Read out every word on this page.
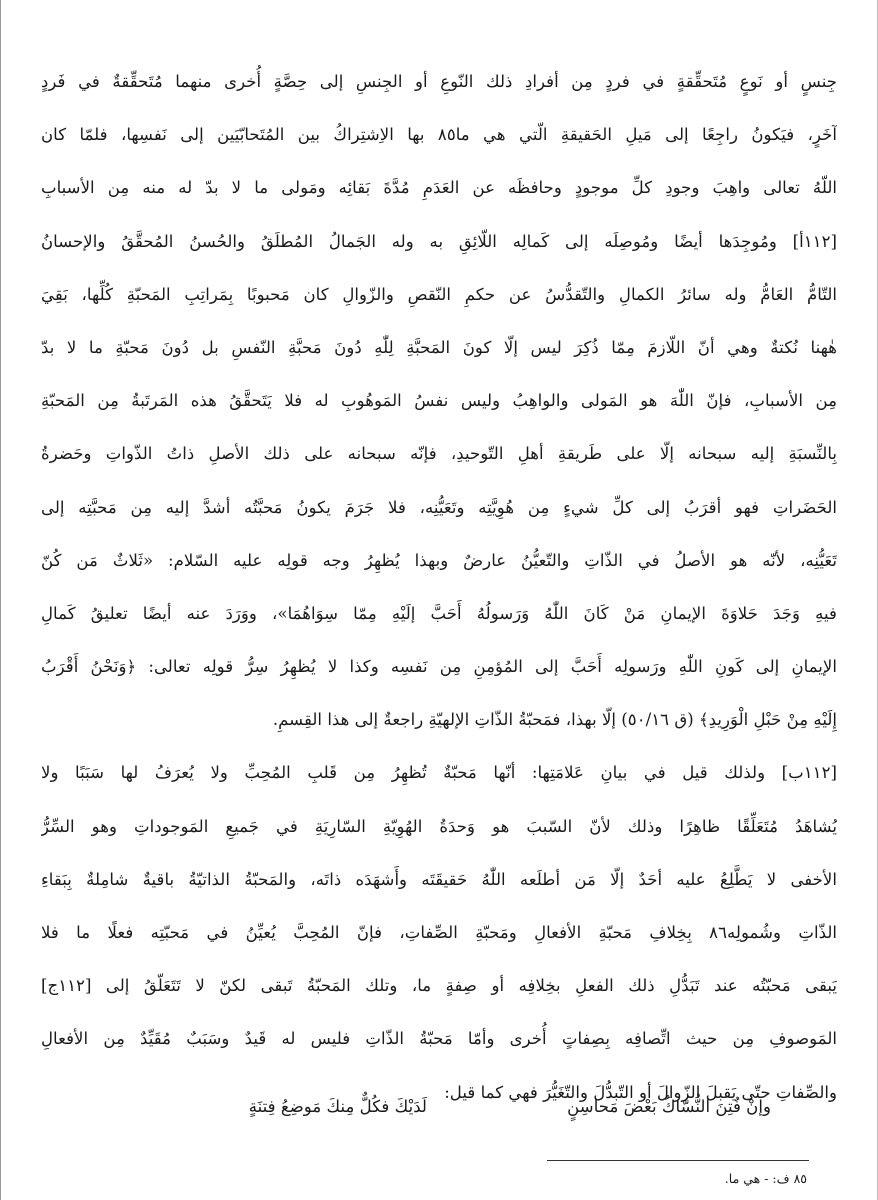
جِنسٍ أو نَوعٍ مُتَحقِّقةٍ في فردٍ مِن أفرادِ ذلك النّوعِ أو الجِنسِ إلى حِصَّةٍ أُخرى منهما مُتَحقِّقةٌ في فَردٍ
آخَرٍ، فيَكونُ راجِعًا إلى مَيلِ الحَقيقةِ الّتي هي ما٨٥ بها الاِشتِراكُ بين المُتَحابّيَين إلى نَفسِها، فلمّا كان
اللّهُ تعالى واهِبَ وجودِ كلِّ موجودٍ وحافظَه عن العَدَمِ مُدَّةَ بَقائِه ومَولى ما لا بدّ له منه مِن الأسبابِ
[١١٢أ] ومُوجِدَها أيضًا ومُوصِلَه إلى كَمالِه اللّائِقِ به وله الجَمالُ المُطلَقُ والحُسنُ المُحقَّقُ والإحسانُ
التّامُّ العَامُّ وله سائرُ الكمالِ والتّقدُّسُ عن حكمِ النّقصِ والزّوالِ كان مَحبوبًا بِمَراتِبِ المَحبّةِ كُلِّها، بَقِيَ
هٰهنا نُكتةٌ وهي أنّ اللّازمَ مِمّا ذُكِرَ ليس إلّا كونَ المَحبَّةِ لِلّٰهِ دُونَ مَحبَّةِ النّفسِ بل دُونَ مَحبّةِ ما لا بدّ
مِن الأسبابِ، فإنّ اللّٰهَ هو المَولى والواهِبُ وليس نفسُ المَوهُوبِ له فلا يَتَحقَّقُ هذه المَرتَبةُ مِن المَحبّةِ
بِالنِّسبَةِ إليه سبحانه إلّا على طَريقةِ أهلِ التّوحيدِ، فإنّه سبحانه على ذلك الأصلِ ذاتُ الذّواتِ وحَضرةُ
الحَضَراتِ فهو أقرَبُ إلى كلِّ شيءٍ مِن هُوِيَّتِه وتَعَيُّنِه، فلا جَرَمَ يكونُ مَحبَّتُه أشدَّ إليه مِن مَحبَّتِه إلى
تَعَيُّنِه، لأنّه هو الأصلُ في الذّاتِ والتّعيُّنُ عارضٌ وبهذا يُظهِرُ وجه قولِه عليه السّلام: «ثَلاثٌ مَن كُنّ
فيهِ وَجَدَ حَلاوَةَ الإيمانِ مَنْ كَانَ اللّٰهُ وَرَسولُهُ أَحَبَّ إلَيْهِ مِمّا سِوَاهُمَا»، ووَرَدَ عنه أيضًا تعليقُ كَمالِ
الإيمانِ إلى كَونِ اللّٰهِ ورَسولِه أَحَبَّ إلى المُؤمِنِ مِن نَفسِه وكذا لا يُظهِرُ سِرُّ قولِه تعالى: ﴿وَنَحْنُ أَقْرَبُ
إِلَيْهِ مِنْ حَبْلِ الْوَرِيدِ﴾ (ق ٥٠/١٦) إلّا بهذا، فمَحبّةُ الذّاتِ الإلهيّةِ راجعةٌ إلى هذا القِسمِ.
[١١٢ب] ولذلك قيل في بيانِ عَلامَتِها: أنّها مَحبّةٌ تُظهِرُ مِن قَلبِ المُحِبِّ ولا يُعرَفُ لها سَبَبًا ولا
يُشاهَدُ مُتَعَلِّقًا ظاهِرًا وذلك لأنّ السّببَ هو وَحدَةُ الهُوِيّةِ السّارِيَةِ في جَميعِ المَوجوداتِ وهو السِّرُّ
الأخفى لا يَطَّلِعُ عليه أحَدٌ إلّا مَن أطلَعه اللّٰهُ حَقيقَتَه وأَشهَدَه ذاتَه، والمَحبّةُ الذاتيّةُ باقيةٌ شامِلةٌ بِبَقاءِ
الذّاتِ وشُمولِه٨٦ بِخِلافِ مَحبّةِ الأفعالِ ومَحبّةِ الصِّفاتِ، فإنّ المُحِبَّ يُعيِّنُ في مَحبّتِه فعلًا ما فلا
يَبقى مَحبّتُه عند تَبَدُّلِ ذلك الفعلِ بخِلافِه أو صِفةٍ ما، وتلك المَحبّةُ تَبقى لكنّ لا تَتَعَلّقُ إلى [١١٢ج]
المَوصوفِ مِن حيث اتِّصافِه بِصِفاتٍ أُخرى وأمّا مَحبّةُ الذّاتِ فليس له قَيدٌ وسَبَبٌ مُقَيِّدٌ مِن الأفعالِ
والصِّفاتِ حتّى يَقبلَ الزّوالَ أو التّبدُّلَ والتّغَيُّرَ فهي كما قيل:
وإنْ فُتِنَ النُّسّاكُ بَعْضَ مَحاسِنٍ
لَدَيْكَ فكُلٌّ مِنكَ مَوضِعُ فِتنَةٍ
٨٥ ف: - هي ما.
